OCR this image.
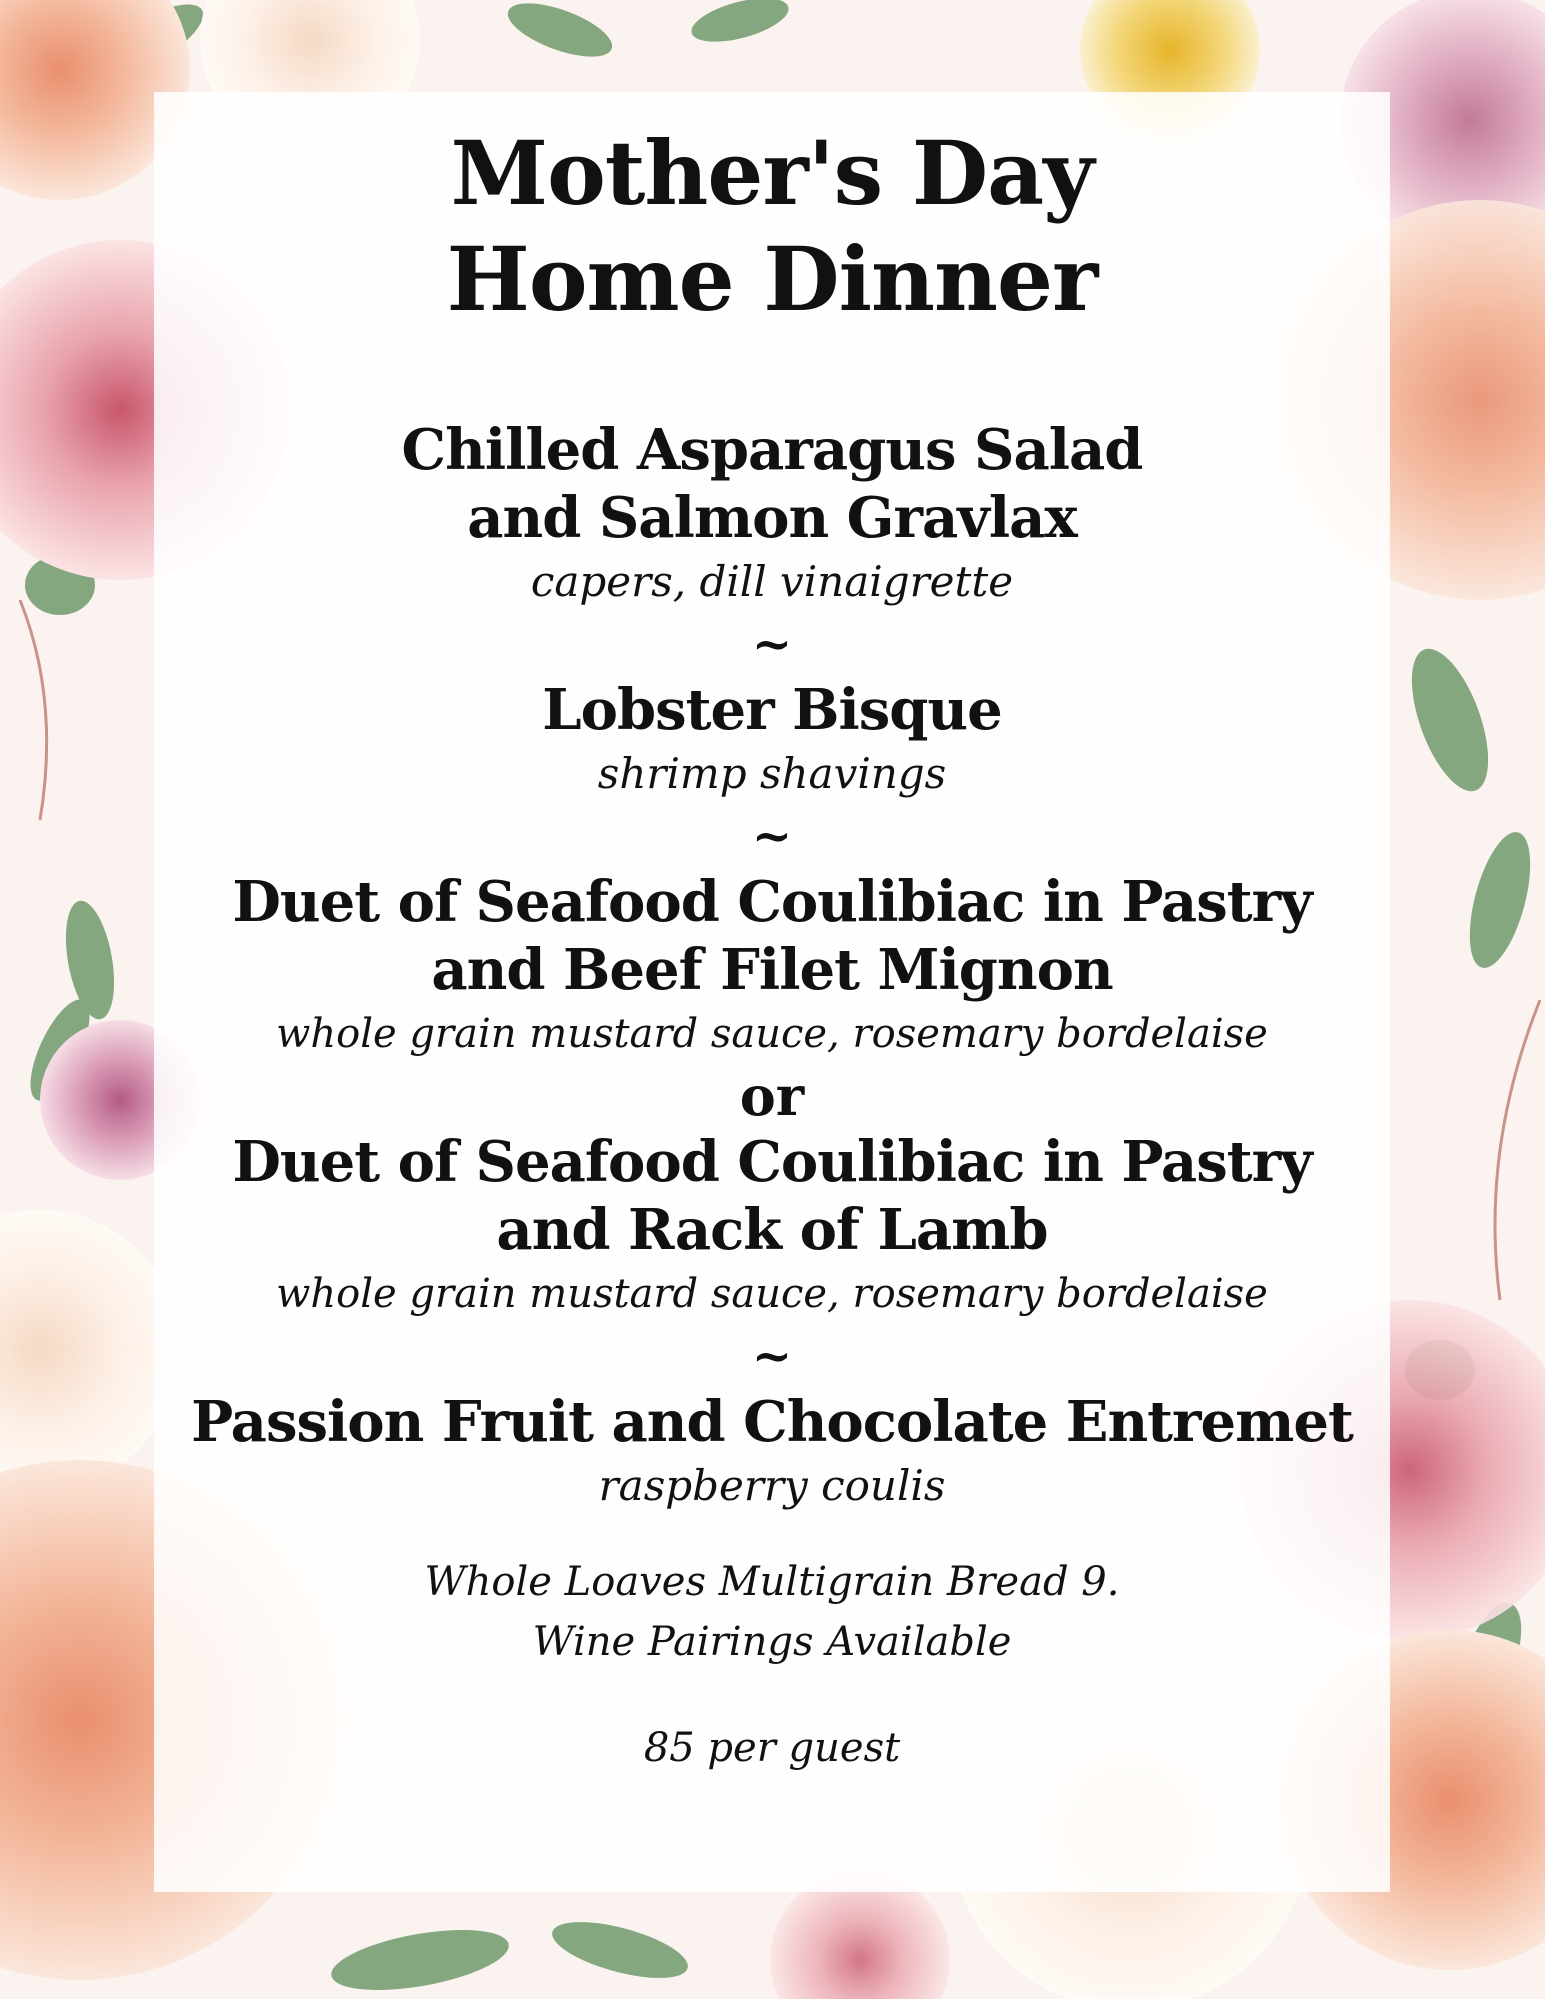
Mother's Day
Home Dinner
Chilled Asparagus Salad
and Salmon Gravlax
capers, dill vinaigrette
~
Lobster Bisque
shrimp shavings
~
Duet of Seafood Coulibiac in Pastry
and Beef Filet Mignon
whole grain mustard sauce, rosemary bordelaise
or
Duet of Seafood Coulibiac in Pastry
and Rack of Lamb
whole grain mustard sauce, rosemary bordelaise
~
Passion Fruit and Chocolate Entremet
raspberry coulis
Whole Loaves Multigrain Bread 9.
Wine Pairings Available
85 per guest
